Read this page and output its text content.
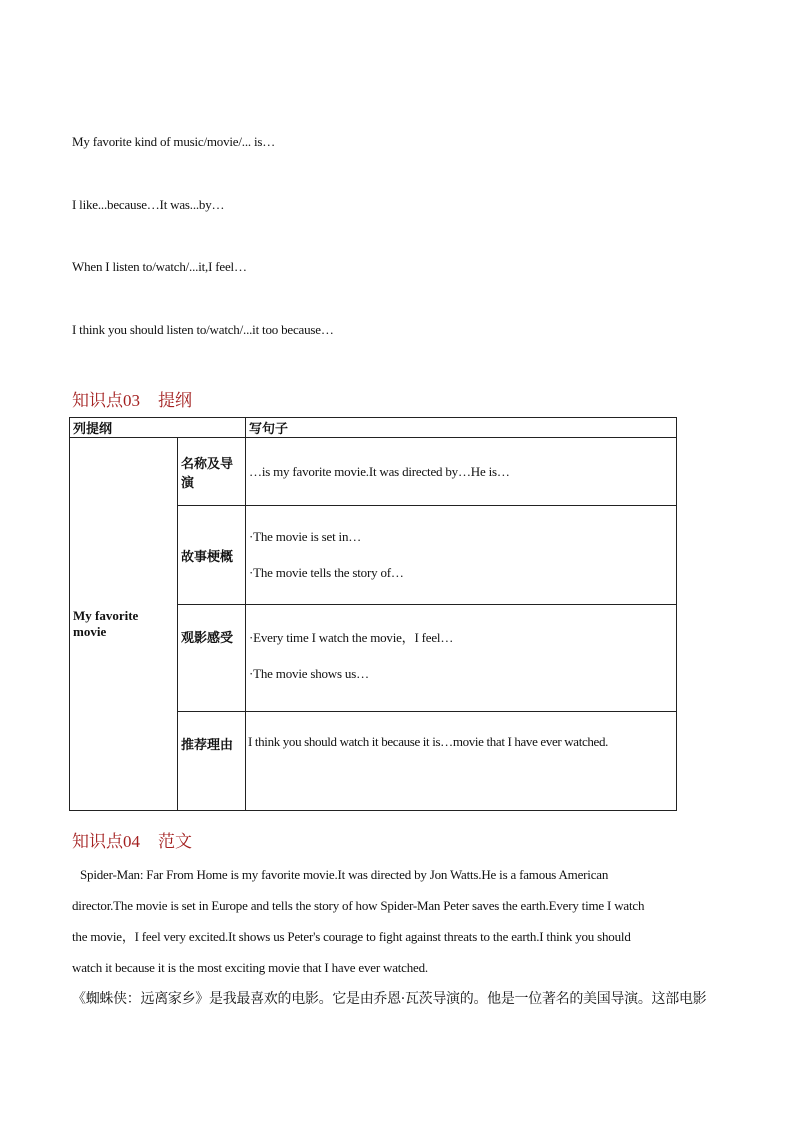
My favorite kind of music/movie/... is…
I like...because…It was...by…
When I listen to/watch/...it,I feel…
I think you should listen to/watch/...it too because…
知识点03 提纲
列提纲		写句子
My favorite movie	名称及导演	…is my favorite movie.It was directed by…He is…

	故事梗概	·The movie is set in…
·The movie tells the story of…

	观影感受	·Every time I watch the movie，I feel…
·The movie shows us…

	推荐理由	I think you should watch it because it is…movie that I have ever watched.
知识点04 范文
Spider-Man: Far From Home is my favorite movie.It was directed by Jon Watts.He is a famous American
director.The movie is set in Europe and tells the story of how Spider-Man Peter saves the earth.Every time I watch
the movie，I feel very excited.It shows us Peter's courage to fight against threats to the earth.I think you should
watch it because it is the most exciting movie that I have ever watched.
《蜘蛛侠：远离家乡》是我最喜欢的电影。它是由乔恩·瓦茨导演的。他是一位著名的美国导演。这部电影
